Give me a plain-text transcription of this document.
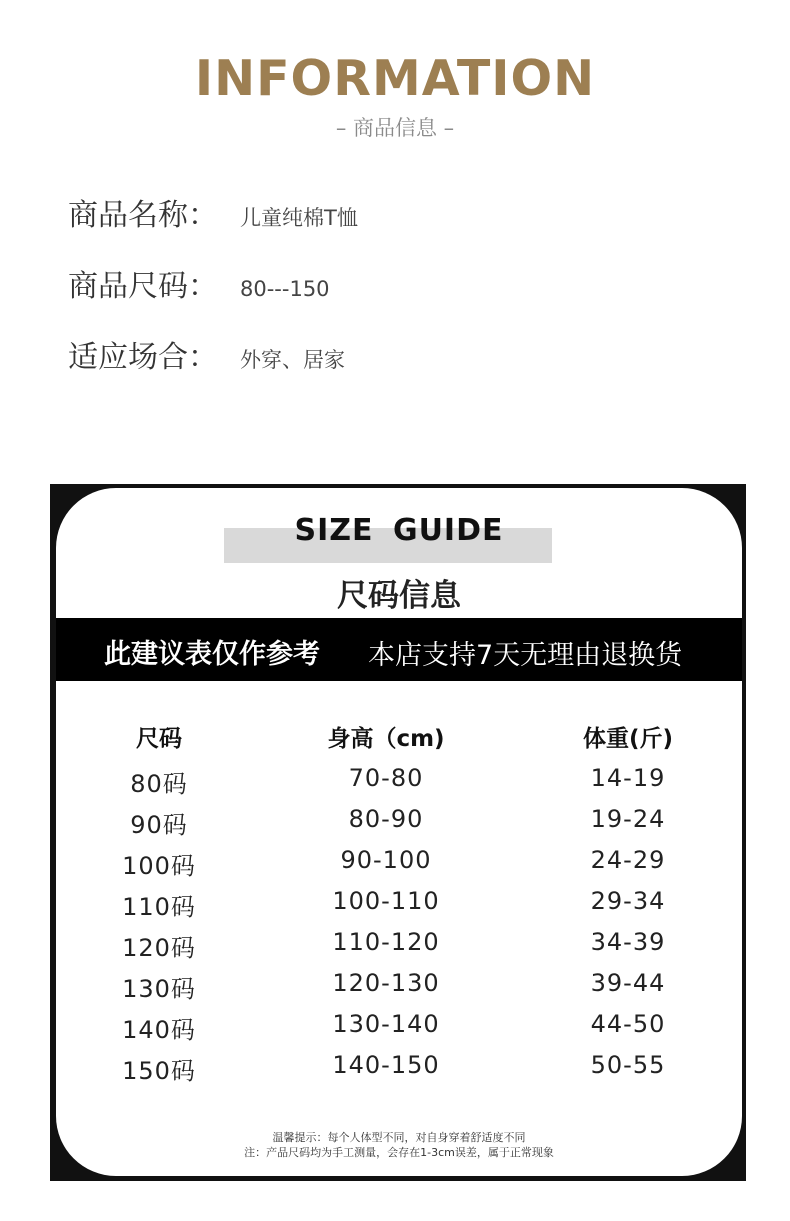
INFORMATION
– 商品信息 –
商品名称：	儿童纯棉T恤
商品尺码：	80---150
适应场合：	外穿、居家
SIZE GUIDE
尺码信息
此建议表仅作参考 本店支持7天无理由退换货
尺码	身高（cm)	体重(斤)
80码	70-80	14-19
90码	80-90	19-24
100码	90-100	24-29
110码	100-110	29-34
120码	110-120	34-39
130码	120-130	39-44
140码	130-140	44-50
150码	140-150	50-55
温馨提示：每个人体型不同，对自身穿着舒适度不同
注：产品尺码均为手工测量，会存在1-3cm误差，属于正常现象
